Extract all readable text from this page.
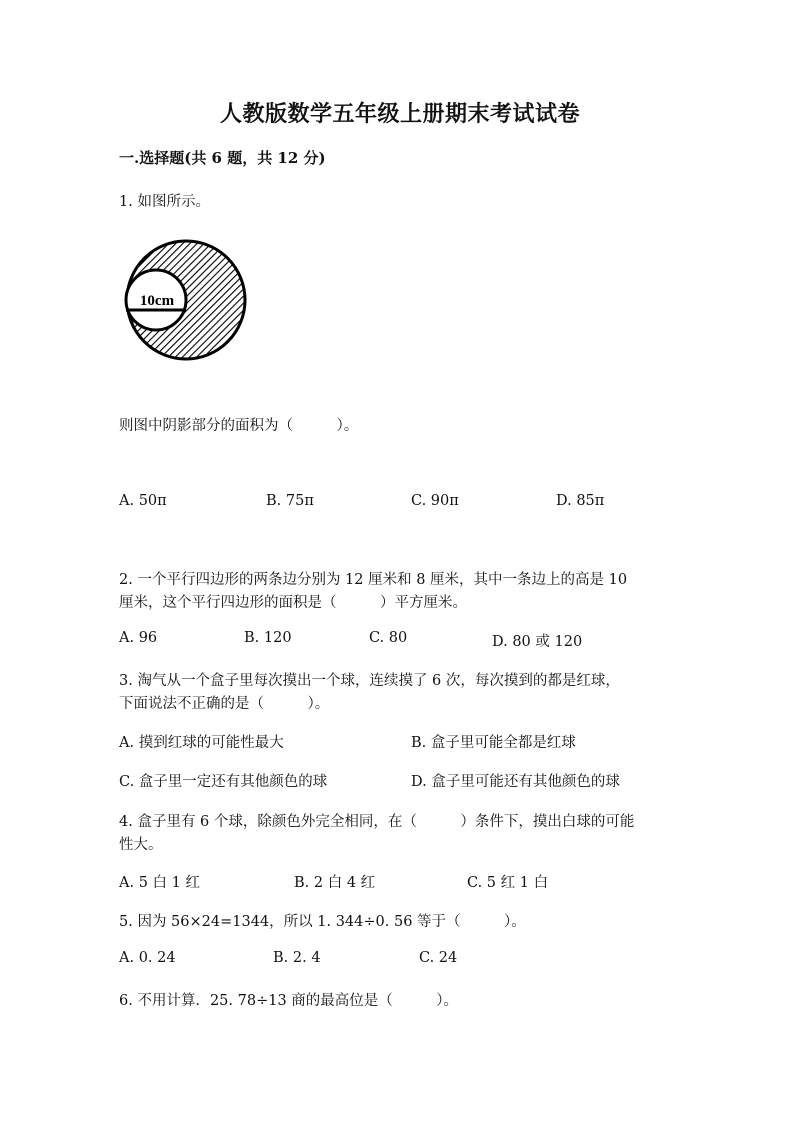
人教版数学五年级上册期末考试试卷
一.选择题(共 6 题，共 12 分)
1. 如图所示。
10cm
则图中阴影部分的面积为（　　　）。
A. 50π	B. 75π	C. 90π	D. 85π
2. 一个平行四边形的两条边分别为 12 厘米和 8 厘米，其中一条边上的高是 10
厘米，这个平行四边形的面积是（　　　）平方厘米。
A. 96	B. 120	C. 80	D. 80 或 120
3. 淘气从一个盒子里每次摸出一个球，连续摸了 6 次，每次摸到的都是红球，
下面说法不正确的是（　　　）。
A. 摸到红球的可能性最大	B. 盒子里可能全都是红球
C. 盒子里一定还有其他颜色的球	D. 盒子里可能还有其他颜色的球
4. 盒子里有 6 个球，除颜色外完全相同，在（　　　）条件下，摸出白球的可能
性大。
A. 5 白 1 红	B. 2 白 4 红	C. 5 红 1 白
5. 因为 56×24=1344，所以 1. 344÷0. 56 等于（　　　）。
A. 0. 24	B. 2. 4	C. 24
6. 不用计算．25. 78÷13 商的最高位是（　　　）。
